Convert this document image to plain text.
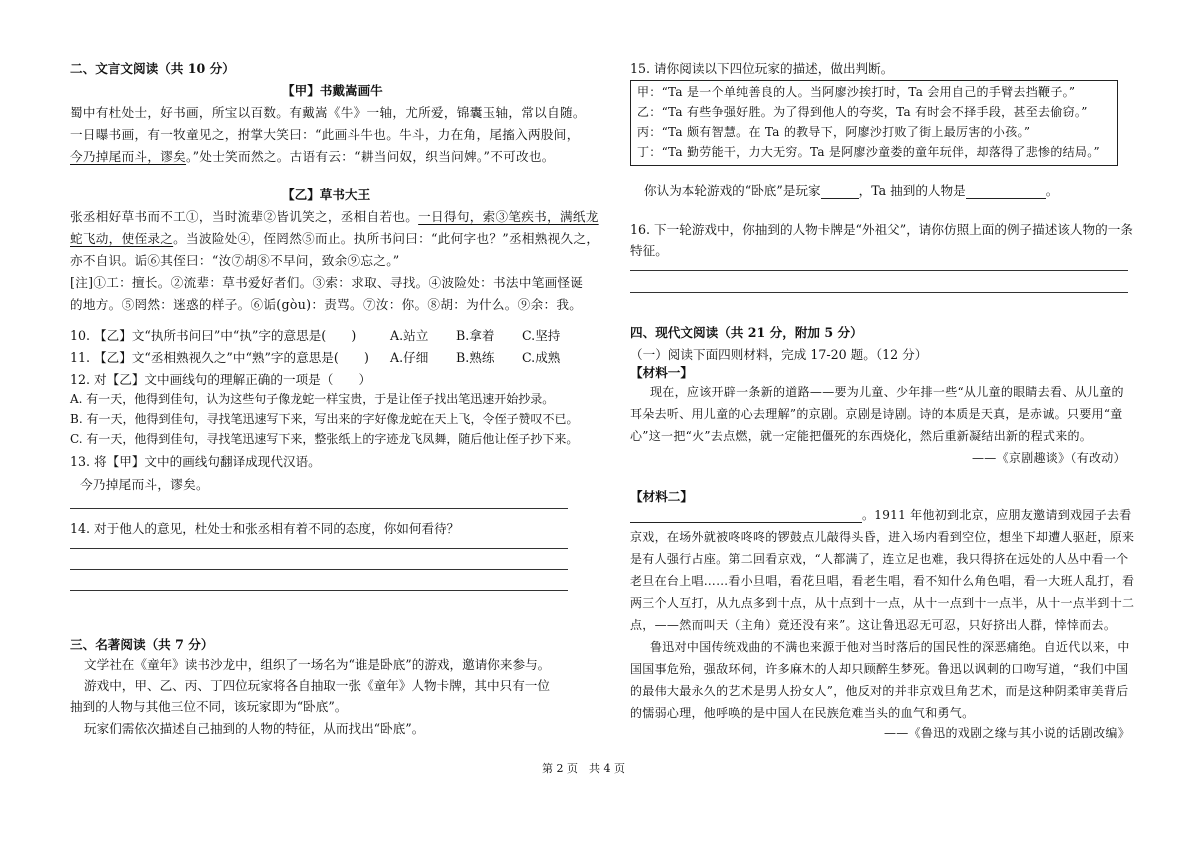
二、文言文阅读（共 10 分）
【甲】书戴嵩画牛
蜀中有杜处士，好书画，所宝以百数。有戴嵩《牛》一轴，尤所爱，锦囊玉轴，常以自随。
一日曝书画，有一牧童见之，拊掌大笑曰：“此画斗牛也。牛斗，力在角，尾搐入两股间，
今乃掉尾而斗，谬矣。”处士笑而然之。古语有云：“耕当问奴，织当问婢。”不可改也。
【乙】草书大王
张丞相好草书而不工①，当时流辈②皆讥笑之，丞相自若也。一日得句，索③笔疾书，满纸龙
蛇飞动，使侄录之。当波险处④，侄罔然⑤而止。执所书问曰：“此何字也？”丞相熟视久之，
亦不自识。诟⑥其侄曰：“汝⑦胡⑧不早问，致余⑨忘之。”
[注]①工：擅长。②流辈：草书爱好者们。③索：求取、寻找。④波险处：书法中笔画怪诞
的地方。⑤罔然：迷惑的样子。⑥诟(gòu)：责骂。⑦汝：你。⑧胡：为什么。⑨余：我。
10. 【乙】文“执所书问曰”中“执”字的意思是(　　)	A.站立 B.拿着 C.坚持
11. 【乙】文“丞相熟视久之”中“熟”字的意思是(　　) A.仔细 B.熟练 C.成熟
12. 对【乙】文中画线句的理解正确的一项是（　　）
A. 有一天，他得到佳句，认为这些句子像龙蛇一样宝贵，于是让侄子找出笔迅速开始抄录。
B. 有一天，他得到佳句，寻找笔迅速写下来，写出来的字好像龙蛇在天上飞，令侄子赞叹不已。
C. 有一天，他得到佳句，寻找笔迅速写下来，整张纸上的字迹龙飞凤舞，随后他让侄子抄下来。
13. 将【甲】文中的画线句翻译成现代汉语。
今乃掉尾而斗，谬矣。
14. 对于他人的意见，杜处士和张丞相有着不同的态度，你如何看待？
三、名著阅读（共 7 分）
文学社在《童年》读书沙龙中，组织了一场名为“谁是卧底”的游戏，邀请你来参与。
游戏中，甲、乙、丙、丁四位玩家将各自抽取一张《童年》人物卡牌，其中只有一位
抽到的人物与其他三位不同，该玩家即为“卧底”。
玩家们需依次描述自己抽到的人物的特征，从而找出“卧底”。
15. 请你阅读以下四位玩家的描述，做出判断。
甲：“Ta 是一个单纯善良的人。当阿廖沙挨打时，Ta 会用自己的手臂去挡鞭子。”
乙：“Ta 有些争强好胜。为了得到他人的夸奖，Ta 有时会不择手段，甚至去偷窃。”
丙：“Ta 颇有智慧。在 Ta 的教导下，阿廖沙打败了街上最厉害的小孩。”
丁：“Ta 勤劳能干，力大无穷。Ta 是阿廖沙童娄的童年玩伴，却落得了悲惨的结局。”
你认为本轮游戏的“卧底”是玩家	，Ta 抽到的人物是	。
16. 下一轮游戏中，你抽到的人物卡牌是“外祖父”，请你仿照上面的例子描述该人物的一条
特征。
四、现代文阅读（共 21 分，附加 5 分）
（一）阅读下面四则材料，完成 17-20 题。（12 分）
【材料一】
现在，应该开辟一条新的道路——要为儿童、少年排一些“从儿童的眼睛去看、从儿童的
耳朵去听、用儿童的心去理解”的京剧。京剧是诗剧。诗的本质是天真，是赤诚。只要用“童
心”这一把“火”去点燃，就一定能把僵死的东西烧化，然后重新凝结出新的程式来的。
——《京剧趣谈》（有改动）
【材料二】
。1911 年他初到北京，应朋友邀请到戏园子去看
京戏，在场外就被咚咚咚的锣鼓点儿敲得头昏，进入场内看到空位，想坐下却遭人驱赶，原来
是有人强行占座。第二回看京戏，“人都满了，连立足也难，我只得挤在远处的人丛中看一个
老旦在台上唱……看小旦唱，看花旦唱，看老生唱，看不知什么角色唱，看一大班人乱打，看
两三个人互打，从九点多到十点，从十点到十一点，从十一点到十一点半，从十一点半到十二
点，——然而叫天（主角）竟还没有来”。这让鲁迅忍无可忍，只好挤出人群，悻悻而去。
鲁迅对中国传统戏曲的不满也来源于他对当时落后的国民性的深恶痛绝。自近代以来，中
国国事危殆，强敌环伺，许多麻木的人却只顾醉生梦死。鲁迅以讽刺的口吻写道，“我们中国
的最伟大最永久的艺术是男人扮女人”，他反对的并非京戏旦角艺术，而是这种阴柔审美背后
的懦弱心理，他呼唤的是中国人在民族危难当头的血气和勇气。
——《鲁迅的戏剧之缘与其小说的话剧改编》
第 2 页　共 4 页
